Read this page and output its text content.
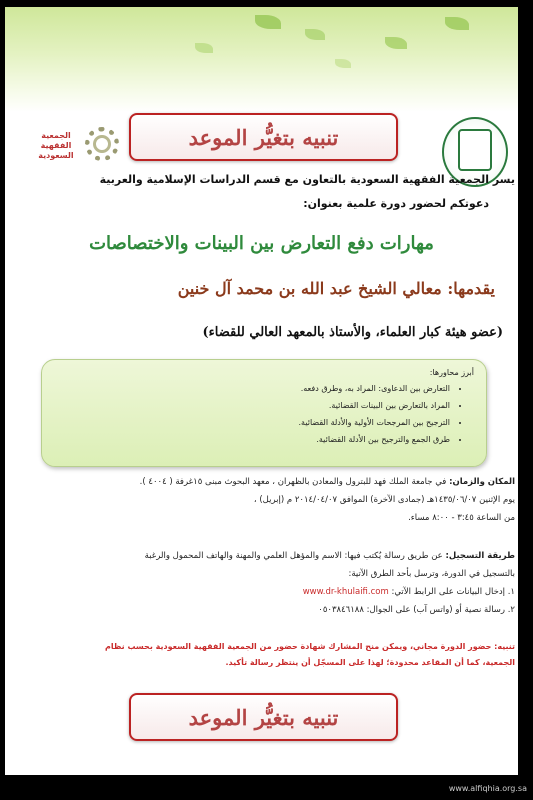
تنبيه بتغيُّر الموعد
الجمعية الفقهية السعودية
يسر الجمعية الفقهية السعودية بالتعاون مع قسم الدراسات الإسلامية والعربية
دعوتكم لحضور دورة علمية بعنوان:
مهارات دفع التعارض بين البينات والاختصاصات
يقدمها: معالي الشيخ عبد الله بن محمد آل خنين
(عضو هيئة كبار العلماء، والأستاذ بالمعهد العالي للقضاء)
أبرز محاورها:
• التعارض بين الدعاوى: المراد به، وطرق دفعه.
• المراد بالتعارض بين البينات القضائية.
• الترجيح بين المرجحات الأولية والأدلة القضائية.
• طرق الجمع والترجيح بين الأدلة القضائية.
المكان والزمان: في جامعة الملك فهد للبترول والمعادن بالظهران ، معهد البحوث مبنى ١٥غرفة ( ٤٠٠٤ ).
يوم الإثنين ١٤٣٥/٠٦/٠٧هـ (جمادى الآخرة) الموافق ٢٠١٤/٠٤/٠٧ م (إبريل) ،
من الساعة ٣:٤٥ - ٨:٠٠ مساء.
طريقة التسجيل: عن طريق رسالة يُكتب فيها: الاسم والمؤهل العلمي والمهنة والهاتف المحمول والرغبة
بالتسجيل في الدورة، وترسل بأحد الطرق الآتية:
١. إدخال البيانات على الرابط الآتي: www.dr-khulaifi.com
٢. رسالة نصية أو (واتس آب) على الجوال: ٠٥٠٣٨٤٦١٨٨
تنبيه: حضور الدورة مجاني، ويمكن منح المشارك شهادة حضور من الجمعية الفقهية السعودية بحسب نظام
الجمعية، كما أن المقاعد محدودة؛ لهذا على المسجّل أن ينتظر رسالة تأكيد.
تنبيه بتغيُّر الموعد
www.alfiqhia.org.sa
